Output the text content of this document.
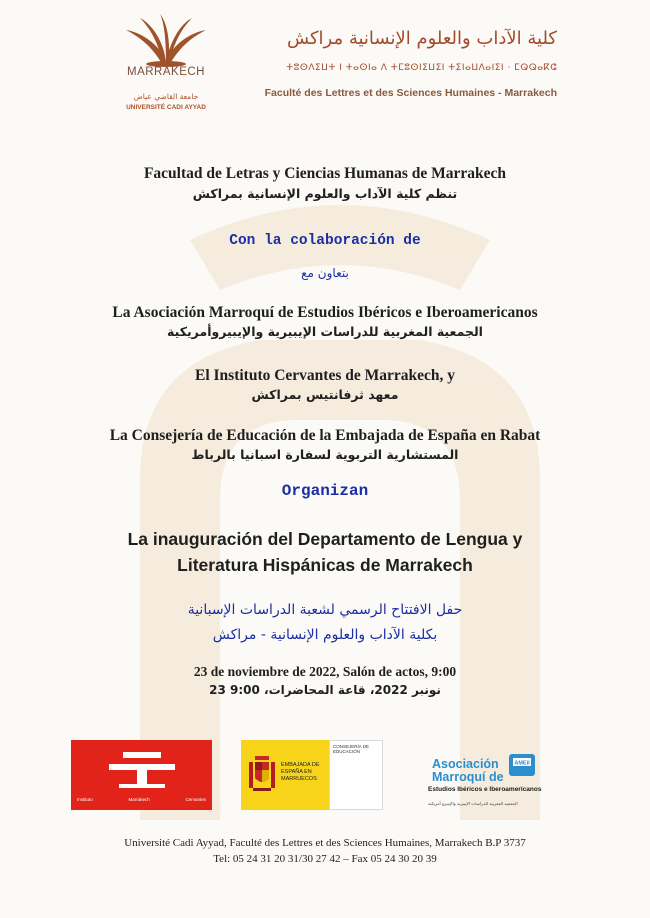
MARRAKECH
جامعة القاضي عياض
UNIVERSITÉ CADI AYYAD
كلية الآداب والعلوم الإنسانية مراكش
ⵜⵓⵙⴷⵉⵡⵜ ⵏ ⵜⴰⵙⵏⴰ ⴷ ⵜⵎⵓⵙⵏⵉⵡⵉⵏ ⵜⵉⵏⴰⵡⴷⴰⵏⵉⵏ · ⵎⵕⵕⴰⴽⵛ
Faculté des Lettres et des Sciences Humaines - Marrakech
Facultad de Letras y Ciencias Humanas de Marrakech
تنظم كلية الآداب والعلوم الإنسانية بمراكش
Con la colaboración de
بتعاون مع
La Asociación Marroquí de Estudios Ibéricos e Iberoamericanos
الجمعية المغربية للدراسات الإيبيرية والإيبيروأمريكية
El Instituto Cervantes de Marrakech, y
معهد ثرفانتيس بمراكش
La Consejería de Educación de la Embajada de España en Rabat
المستشارية التربوية لسفارة اسبانيا بالرباط
Organizan
La inauguración del Departamento de Lengua y
Literatura Hispánicas de Marrakech
حفل الافتتاح الرسمي لشعبة الدراسات الإسبانية
بكلية الآداب والعلوم الإنسانية - مراكش
23 de noviembre de 2022, Salón de actos, 9:00
23 نونبر 2022، قاعة المحاضرات، 9:00
Instituto	Marrakech	Cervantes
EMBAJADA DE ESPAÑA EN MARRUECOS
CONSEJERÍA DE EDUCACIÓN
Asociación
Marroquí de
AMEII
Estudios Ibéricos e Iberoamericanos
الجمعية المغربية للدراسات الإيبيرية والإيبيرو أمريكية
Université Cadi Ayyad, Faculté des Lettres et des Sciences Humaines, Marrakech B.P 3737
Tel: 05 24 31 20 31/30 27 42 – Fax 05 24 30 20 39
